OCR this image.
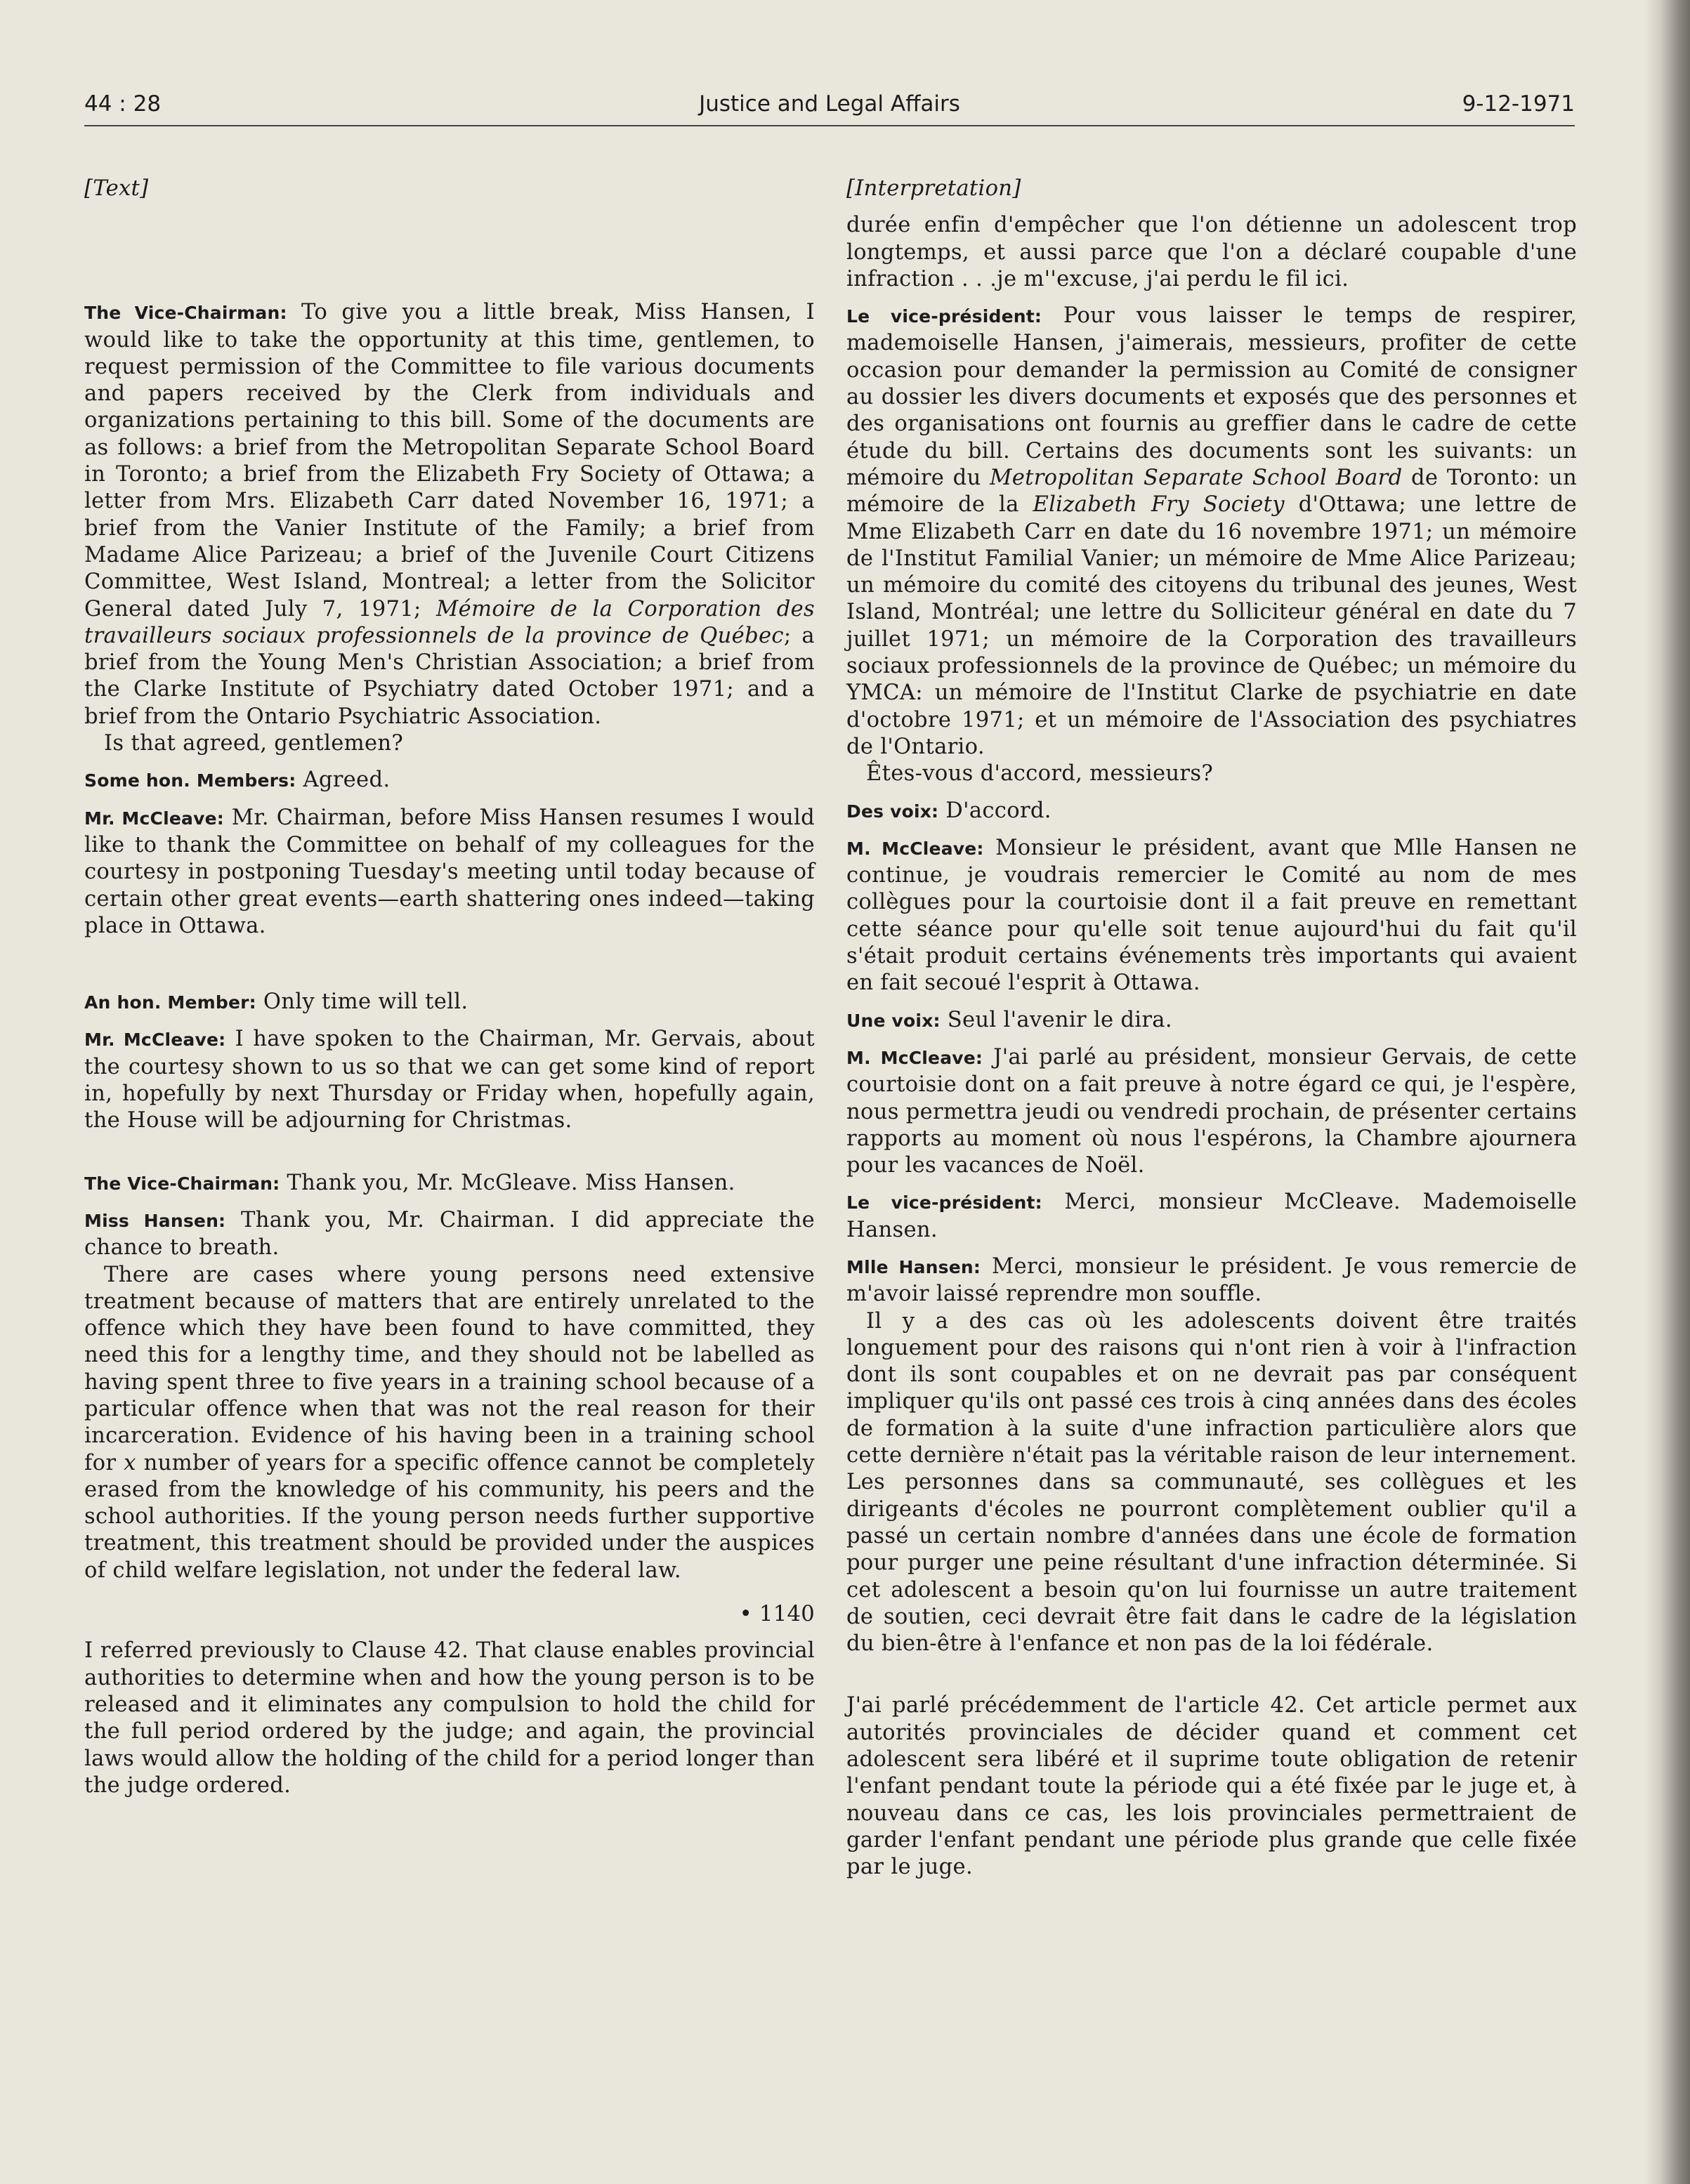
44 : 28	Justice and Legal Affairs	9-12-1971

[Text]

The Vice-Chairman: To give you a little break, Miss Hansen, I would like to take the opportunity at this time, gentlemen, to request permission of the Committee to file various documents and papers received by the Clerk from individuals and organizations pertaining to this bill. Some of the documents are as follows: a brief from the Metropolitan Separate School Board in Toronto; a brief from the Elizabeth Fry Society of Ottawa; a letter from Mrs. Elizabeth Carr dated November 16, 1971; a brief from the Vanier Institute of the Family; a brief from Madame Alice Parizeau; a brief of the Juvenile Court Citizens Committee, West Island, Montreal; a letter from the Solicitor General dated July 7, 1971; Mémoire de la Corporation des travailleurs sociaux professionnels de la province de Québec; a brief from the Young Men's Christian Association; a brief from the Clarke Institute of Psychiatry dated October 1971; and a brief from the Ontario Psychiatric Association.

Is that agreed, gentlemen?

Some hon. Members: Agreed.

Mr. McCleave: Mr. Chairman, before Miss Hansen resumes I would like to thank the Committee on behalf of my colleagues for the courtesy in postponing Tuesday's meeting until today because of certain other great events—earth shattering ones indeed—taking place in Ottawa.

An hon. Member: Only time will tell.

Mr. McCleave: I have spoken to the Chairman, Mr. Gervais, about the courtesy shown to us so that we can get some kind of report in, hopefully by next Thursday or Friday when, hopefully again, the House will be adjourning for Christmas.

The Vice-Chairman: Thank you, Mr. McGleave. Miss Hansen.

Miss Hansen: Thank you, Mr. Chairman. I did appreciate the chance to breath.

There are cases where young persons need extensive treatment because of matters that are entirely unrelated to the offence which they have been found to have committed, they need this for a lengthy time, and they should not be labelled as having spent three to five years in a training school because of a particular offence when that was not the real reason for their incarceration. Evidence of his having been in a training school for x number of years for a specific offence cannot be completely erased from the knowledge of his community, his peers and the school authorities. If the young person needs further supportive treatment, this treatment should be provided under the auspices of child welfare legislation, not under the federal law.

• 1140

I referred previously to Clause 42. That clause enables provincial authorities to determine when and how the young person is to be released and it eliminates any compulsion to hold the child for the full period ordered by the judge; and again, the provincial laws would allow the holding of the child for a period longer than the judge ordered.

[Interpretation]

durée enfin d'empêcher que l'on détienne un adolescent trop longtemps, et aussi parce que l'on a déclaré coupable d'une infraction . . .je m''excuse, j'ai perdu le fil ici.

Le vice-président: Pour vous laisser le temps de respirer, mademoiselle Hansen, j'aimerais, messieurs, profiter de cette occasion pour demander la permission au Comité de consigner au dossier les divers documents et exposés que des personnes et des organisations ont fournis au greffier dans le cadre de cette étude du bill. Certains des documents sont les suivants: un mémoire du Metropolitan Separate School Board de Toronto: un mémoire de la Elizabeth Fry Society d'Ottawa; une lettre de Mme Elizabeth Carr en date du 16 novembre 1971; un mémoire de l'Institut Familial Vanier; un mémoire de Mme Alice Parizeau; un mémoire du comité des citoyens du tribunal des jeunes, West Island, Montréal; une lettre du Solliciteur général en date du 7 juillet 1971; un mémoire de la Corporation des travailleurs sociaux professionnels de la province de Québec; un mémoire du YMCA: un mémoire de l'Institut Clarke de psychiatrie en date d'octobre 1971; et un mémoire de l'Association des psychiatres de l'Ontario.

Êtes-vous d'accord, messieurs?

Des voix: D'accord.

M. McCleave: Monsieur le président, avant que Mlle Hansen ne continue, je voudrais remercier le Comité au nom de mes collègues pour la courtoisie dont il a fait preuve en remettant cette séance pour qu'elle soit tenue aujourd'hui du fait qu'il s'était produit certains événements très importants qui avaient en fait secoué l'esprit à Ottawa.

Une voix: Seul l'avenir le dira.

M. McCleave: J'ai parlé au président, monsieur Gervais, de cette courtoisie dont on a fait preuve à notre égard ce qui, je l'espère, nous permettra jeudi ou vendredi prochain, de présenter certains rapports au moment où nous l'espérons, la Chambre ajournera pour les vacances de Noël.

Le vice-président: Merci, monsieur McCleave. Mademoiselle Hansen.

Mlle Hansen: Merci, monsieur le président. Je vous remercie de m'avoir laissé reprendre mon souffle.

Il y a des cas où les adolescents doivent être traités longuement pour des raisons qui n'ont rien à voir à l'infraction dont ils sont coupables et on ne devrait pas par conséquent impliquer qu'ils ont passé ces trois à cinq années dans des écoles de formation à la suite d'une infraction particulière alors que cette dernière n'était pas la véritable raison de leur internement. Les personnes dans sa communauté, ses collègues et les dirigeants d'écoles ne pourront complètement oublier qu'il a passé un certain nombre d'années dans une école de formation pour purger une peine résultant d'une infraction déterminée. Si cet adolescent a besoin qu'on lui fournisse un autre traitement de soutien, ceci devrait être fait dans le cadre de la législation du bien-être à l'enfance et non pas de la loi fédérale.

J'ai parlé précédemment de l'article 42. Cet article permet aux autorités provinciales de décider quand et comment cet adolescent sera libéré et il suprime toute obligation de retenir l'enfant pendant toute la période qui a été fixée par le juge et, à nouveau dans ce cas, les lois provinciales permettraient de garder l'enfant pendant une période plus grande que celle fixée par le juge.
